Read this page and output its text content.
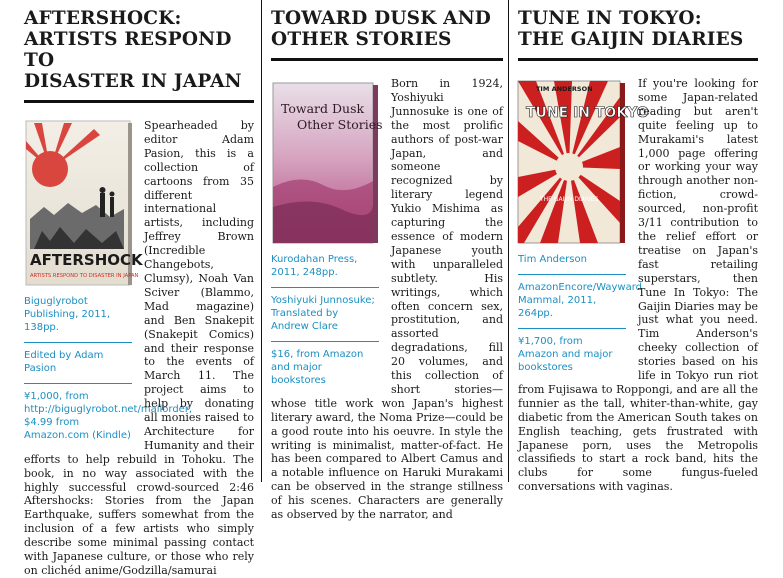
AFTERSHOCK:
ARTISTS RESPOND TO
DISASTER IN JAPAN
AFTERSHOCK
ARTISTS RESPOND TO DISASTER IN JAPAN
Biguglyrobot Publishing, 2011, 138pp.
Edited by Adam Pasion
¥1,000, from http://biguglyrobot.net/mailorder, $4.99 from Amazon.com (Kindle)
Spearheaded by editor Adam Pasion, this is a collection of cartoons from 35 different international artists, including Jeffrey Brown (Incredible Changebots, Clumsy), Noah Van Sciver (Blammo, Mad magazine) and Ben Snakepit (Snakepit Comics) and their response to the events of March 11. The project aims to help by donating all monies raised to Architecture for Humanity and their efforts to help rebuild in Tohoku. The book, in no way associated with the highly successful crowd-sourced 2:46 Aftershocks: Stories from the Japan Earthquake, suffers somewhat from the inclusion of a few artists who simply describe some minimal passing contact with Japanese culture, or those who rely on clichéd anime/Godzilla/samurai
TOWARD DUSK AND
OTHER STORIES
Toward Dusk
Other Stories
Kurodahan Press, 2011, 248pp.
Yoshiyuki Junnosuke; Translated by Andrew Clare
$16, from Amazon and major bookstores
Born in 1924, Yoshiyuki Junnosuke is one of the most prolific authors of post-war Japan, and someone recognized by literary legend Yukio Mishima as capturing the essence of modern Japanese youth with unparalleled subtlety. His writings, which often concern sex, prostitution, and assorted degradations, fill 20 volumes, and this collection of short stories—whose title work won Japan's highest literary award, the Noma Prize—could be a good route into his oeuvre. In style the writing is minimalist, matter-of-fact. He has been compared to Albert Camus and a notable influence on Haruki Murakami can be observed in the strange stillness of his scenes. Characters are generally as observed by the narrator, and
TUNE IN TOKYO:
THE GAIJIN DIARIES
TIM ANDERSON
TUNE IN TOKYO
THE GAIJIN DIARIES
Tim Anderson
AmazonEncore/Wayward Mammal, 2011, 264pp.
¥1,700, from Amazon and major bookstores
If you're looking for some Japan-related reading but aren't quite feeling up to Murakami's latest 1,000 page offering or working your way through another non-fiction, crowd-sourced, non-profit 3/11 contribution to the relief effort or treatise on Japan's fast retailing superstars, then Tune In Tokyo: The Gaijin Diaries may be just what you need. Tim Anderson's cheeky collection of stories based on his life in Tokyo run riot from Fujisawa to Roppongi, and are all the funnier as the tall, whiter-than-white, gay diabetic from the American South takes on English teaching, gets frustrated with Japanese porn, uses the Metropolis classifieds to start a rock band, hits the clubs for some fungus-fueled conversations with vaginas.
